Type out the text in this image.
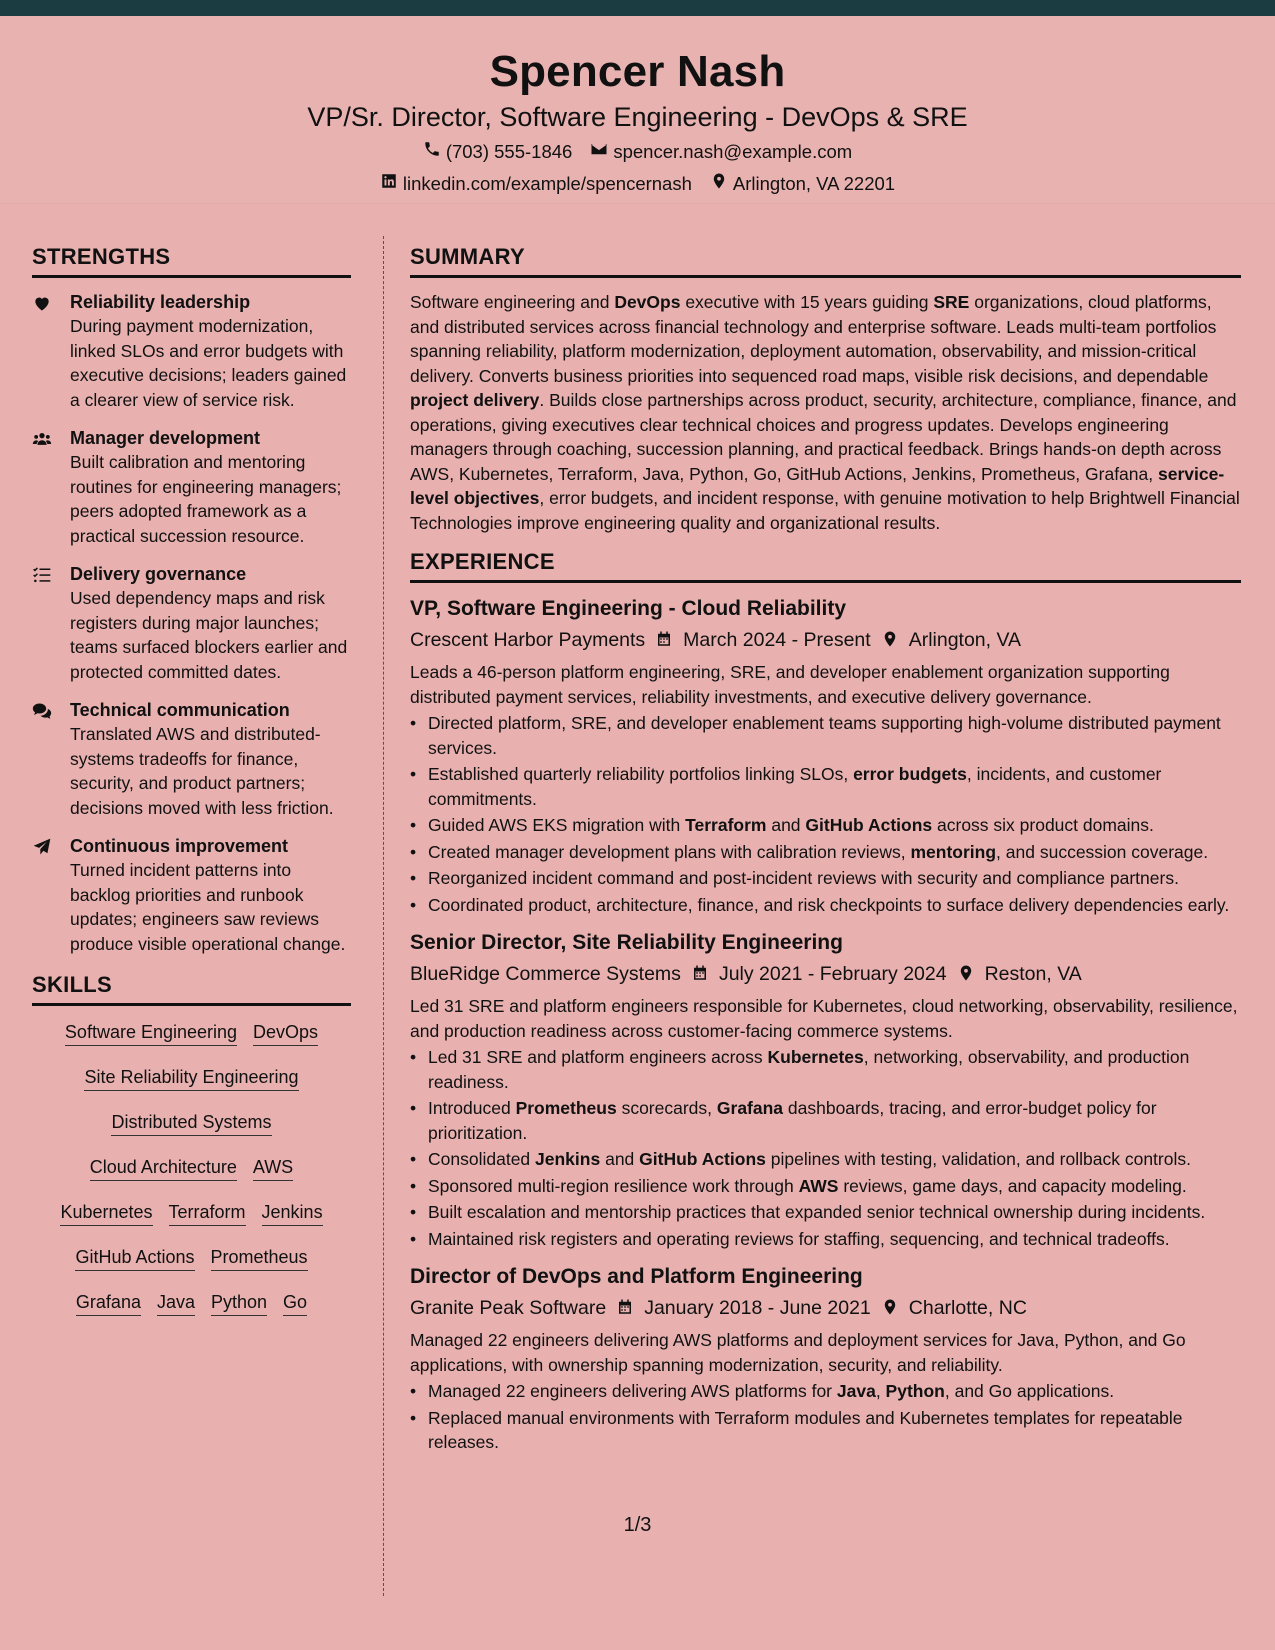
Spencer Nash
VP/Sr. Director, Software Engineering - DevOps & SRE
(703) 555-1846 spencer.nash@example.com
linkedin.com/example/spencernash Arlington, VA 22201
STRENGTHS
Reliability leadership
During payment modernization, linked SLOs and error budgets with executive decisions; leaders gained a clearer view of service risk.
Manager development
Built calibration and mentoring routines for engineering managers; peers adopted framework as a practical succession resource.
Delivery governance
Used dependency maps and risk registers during major launches; teams surfaced blockers earlier and protected committed dates.
Technical communication
Translated AWS and distributed-systems tradeoffs for finance, security, and product partners; decisions moved with less friction.
Continuous improvement
Turned incident patterns into backlog priorities and runbook updates; engineers saw reviews produce visible operational change.
SKILLS
Software Engineering DevOps
Site Reliability Engineering
Distributed Systems
Cloud Architecture AWS
Kubernetes Terraform Jenkins
GitHub Actions Prometheus
Grafana Java Python Go
SUMMARY

Software engineering and DevOps executive with 15 years guiding SRE organizations, cloud platforms, and distributed services across financial technology and enterprise software. Leads multi-team portfolios spanning reliability, platform modernization, deployment automation, observability, and mission-critical delivery. Converts business priorities into sequenced road maps, visible risk decisions, and dependable project delivery. Builds close partnerships across product, security, architecture, compliance, finance, and operations, giving executives clear technical choices and progress updates. Develops engineering managers through coaching, succession planning, and practical feedback. Brings hands-on depth across AWS, Kubernetes, Terraform, Java, Python, Go, GitHub Actions, Jenkins, Prometheus, Grafana, service-level objectives, error budgets, and incident response, with genuine motivation to help Brightwell Financial Technologies improve engineering quality and organizational results.

EXPERIENCE
VP, Software Engineering - Cloud Reliability
Crescent Harbor Payments March 2024 - Present Arlington, VA
Leads a 46-person platform engineering, SRE, and developer enablement organization supporting distributed payment services, reliability investments, and executive delivery governance.
• Directed platform, SRE, and developer enablement teams supporting high-volume distributed payment services.
• Established quarterly reliability portfolios linking SLOs, error budgets, incidents, and customer commitments.
• Guided AWS EKS migration with Terraform and GitHub Actions across six product domains.
• Created manager development plans with calibration reviews, mentoring, and succession coverage.
• Reorganized incident command and post-incident reviews with security and compliance partners.
• Coordinated product, architecture, finance, and risk checkpoints to surface delivery dependencies early.
Senior Director, Site Reliability Engineering
BlueRidge Commerce Systems July 2021 - February 2024 Reston, VA
Led 31 SRE and platform engineers responsible for Kubernetes, cloud networking, observability, resilience, and production readiness across customer-facing commerce systems.
• Led 31 SRE and platform engineers across Kubernetes, networking, observability, and production readiness.
• Introduced Prometheus scorecards, Grafana dashboards, tracing, and error-budget policy for prioritization.
• Consolidated Jenkins and GitHub Actions pipelines with testing, validation, and rollback controls.
• Sponsored multi-region resilience work through AWS reviews, game days, and capacity modeling.
• Built escalation and mentorship practices that expanded senior technical ownership during incidents.
• Maintained risk registers and operating reviews for staffing, sequencing, and technical tradeoffs.
Director of DevOps and Platform Engineering
Granite Peak Software January 2018 - June 2021 Charlotte, NC
Managed 22 engineers delivering AWS platforms and deployment services for Java, Python, and Go applications, with ownership spanning modernization, security, and reliability.
• Managed 22 engineers delivering AWS platforms for Java, Python, and Go applications.
• Replaced manual environments with Terraform modules and Kubernetes templates for repeatable releases.
1/3
